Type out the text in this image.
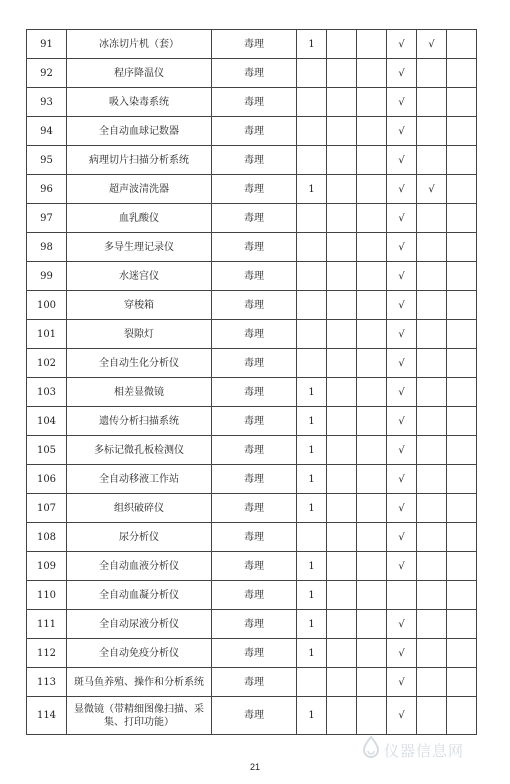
91	冰冻切片机（套）	毒理	1			√	√	
92	程序降温仪	毒理				√		
93	吸入染毒系统	毒理				√		
94	全自动血球记数器	毒理				√		
95	病理切片扫描分析系统	毒理				√		
96	超声波清洗器	毒理	1			√	√	
97	血乳酸仪	毒理				√		
98	多导生理记录仪	毒理				√		
99	水迷宫仪	毒理				√		
100	穿梭箱	毒理				√		
101	裂隙灯	毒理				√		
102	全自动生化分析仪	毒理				√		
103	相差显微镜	毒理	1			√		
104	遗传分析扫描系统	毒理	1			√		
105	多标记微孔板检测仪	毒理	1			√		
106	全自动移液工作站	毒理	1			√		
107	组织破碎仪	毒理	1			√		
108	尿分析仪	毒理				√		
109	全自动血液分析仪	毒理	1			√		
110	全自动血凝分析仪	毒理	1					
111	全自动尿液分析仪	毒理	1			√		
112	全自动免疫分析仪	毒理	1			√		
113	斑马鱼养殖、操作和分析系统	毒理				√		
114	显微镜（带精细图像扫描、采集、打印功能）	毒理	1			√		
21
仪器信息网
